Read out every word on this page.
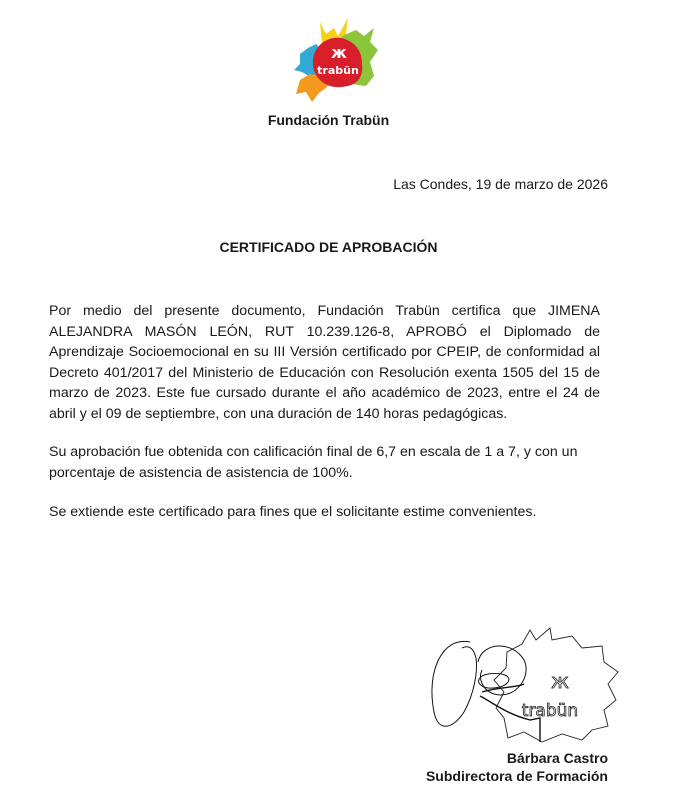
ж
trabün
Fundación Trabün
Las Condes, 19 de marzo de 2026
CERTIFICADO DE APROBACIÓN
Por medio del presente documento, Fundación Trabün certifica que JIMENA ALEJANDRA MASÓN LEÓN, RUT 10.239.126-8, APROBÓ el Diplomado de Aprendizaje Socioemocional en su III Versión certificado por CPEIP, de conformidad al Decreto 401/2017 del Ministerio de Educación con Resolución exenta 1505 del 15 de marzo de 2023. Este fue cursado durante el año académico de 2023, entre el 24 de abril y el 09 de septiembre, con una duración de 140 horas pedagógicas.
Su aprobación fue obtenida con calificación final de 6,7 en escala de 1 a 7, y con un porcentaje de asistencia de asistencia de 100%.
Se extiende este certificado para fines que el solicitante estime convenientes.
ж
trabün
Bárbara Castro
Subdirectora de Formación
